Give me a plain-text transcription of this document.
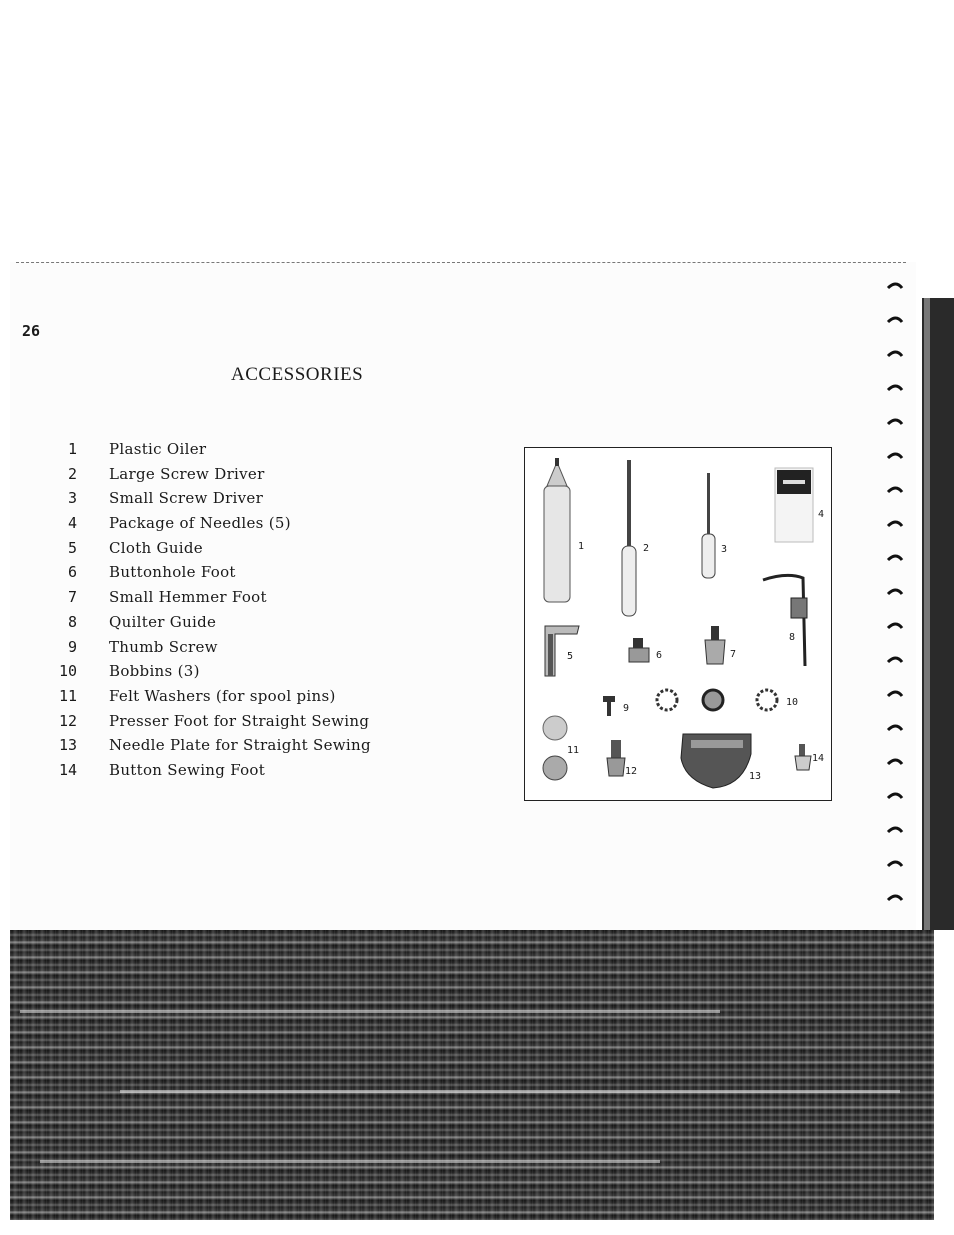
26
ACCESSORIES
1 Plastic Oiler
2 Large Screw Driver
3 Small Screw Driver
4 Package of Needles (5)
5 Cloth Guide
6 Buttonhole Foot
7 Small Hemmer Foot
8 Quilter Guide
9 Thumb Screw
10 Bobbins (3)
11 Felt Washers (for spool pins)
12 Presser Foot for Straight Sewing
13 Needle Plate for Straight Sewing
14 Button Sewing Foot
1	2	3
4
5	6	7
8
9
10
11
12	13
14
